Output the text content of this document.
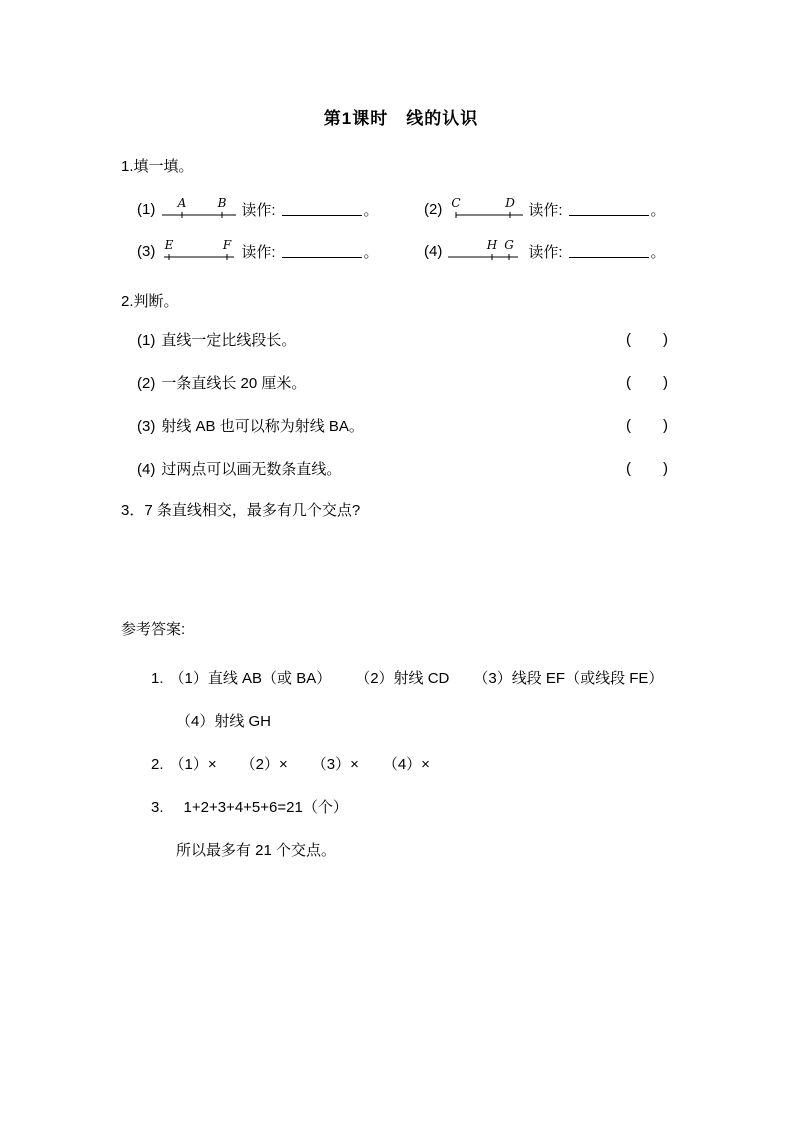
第1课时　线的认识
1.填一填。
(1) A	B 读作:	。	(2) C	D 读作:	。
(3) E	F 读作:	。	(4)	H G 读作:	。
2.判断。
(1) 直线一定比线段长。	( )
(2) 一条直线长 20 厘米。	( )
(3) 射线 AB 也可以称为射线 BA。	( )
(4) 过两点可以画无数条直线。	( )
3．7 条直线相交，最多有几个交点?
参考答案:
1. （1）直线 AB（或 BA） （2）射线 CD （3）线段 EF（或线段 FE）
（4）射线 GH
2. （1）× （2）× （3）× （4）×
3. 1+2+3+4+5+6=21（个）
所以最多有 21 个交点。
